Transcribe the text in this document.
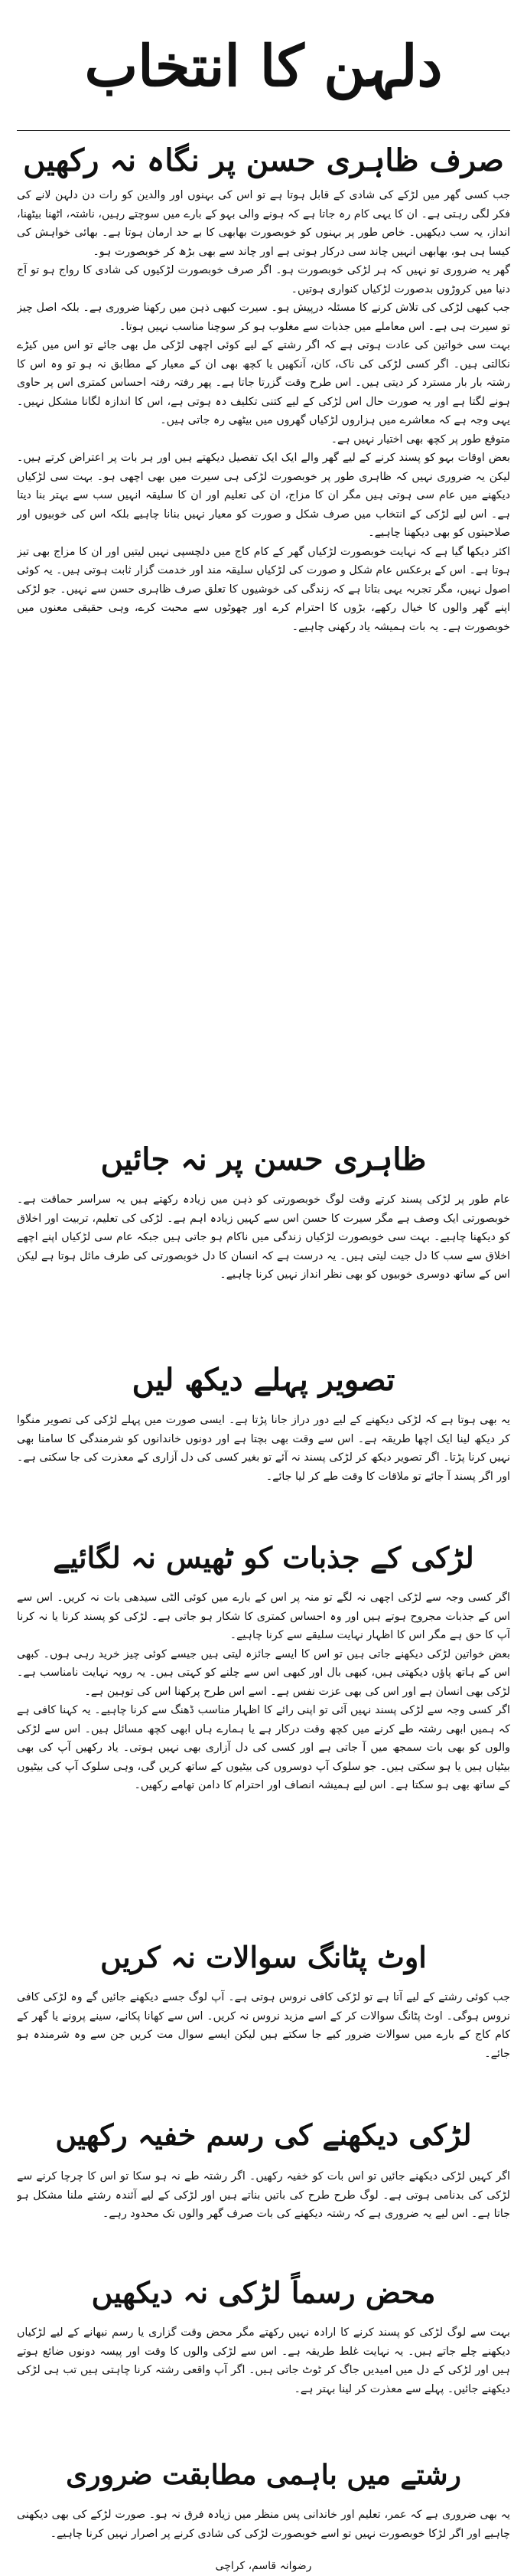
دلہن کا انتخاب
صرف ظاہری حسن پر نگاہ نہ رکھیں

جب کسی گھر میں لڑکے کی شادی کے قابل ہوتا ہے تو اس کی بہنوں اور والدین کو رات دن دلہن لانے کی فکر لگی رہتی ہے۔ ان کا یہی کام رہ جاتا ہے کہ ہونے والی بہو کے بارے میں سوچتے رہیں، ناشتہ، اٹھنا بیٹھنا، انداز، یہ سب دیکھیں۔ خاص طور پر بہنوں کو خوبصورت بھابھی کا بے حد ارمان ہوتا ہے۔ بھائی خواہش کی کیسا ہی ہو، بھابھی انہیں چاند سی درکار ہوتی ہے اور چاند سے بھی بڑھ کر خوبصورت ہو۔

گھر یہ ضروری تو نہیں کہ ہر لڑکی خوبصورت ہو۔ اگر صرف خوبصورت لڑکیوں کی شادی کا رواج ہو تو آج دنیا میں کروڑوں بدصورت لڑکیاں کنواری ہوتیں۔

جب کبھی لڑکی کی تلاش کرنے کا مسئلہ درپیش ہو۔ سیرت کبھی ذہن میں رکھنا ضروری ہے۔ بلکہ اصل چیز تو سیرت ہی ہے۔ اس معاملے میں جذبات سے مغلوب ہو کر سوچنا مناسب نہیں ہوتا۔

بہت سی خواتین کی عادت ہوتی ہے کہ اگر رشتے کے لیے کوئی اچھی لڑکی مل بھی جائے تو اس میں کیڑے نکالتی ہیں۔ اگر کسی لڑکی کی ناک، کان، آنکھیں یا کچھ بھی ان کے معیار کے مطابق نہ ہو تو وہ اس کا رشتہ بار بار مسترد کر دیتی ہیں۔ اس طرح وقت گزرتا جاتا ہے۔ پھر رفتہ رفتہ احساس کمتری اس پر حاوی ہونے لگتا ہے اور یہ صورت حال اس لڑکی کے لیے کتنی تکلیف دہ ہوتی ہے، اس کا اندازہ لگانا مشکل نہیں۔ یہی وجہ ہے کہ معاشرے میں ہزاروں لڑکیاں گھروں میں بیٹھی رہ جاتی ہیں۔

متوقع طور پر کچھ بھی اختیار نہیں ہے۔

بعض اوقات بہو کو پسند کرنے کے لیے گھر والے ایک ایک تفصیل دیکھتے ہیں اور ہر بات پر اعتراض کرتے ہیں۔ لیکن یہ ضروری نہیں کہ ظاہری طور پر خوبصورت لڑکی ہی سیرت میں بھی اچھی ہو۔ بہت سی لڑکیاں دیکھنے میں عام سی ہوتی ہیں مگر ان کا مزاج، ان کی تعلیم اور ان کا سلیقہ انہیں سب سے بہتر بنا دیتا ہے۔ اس لیے لڑکی کے انتخاب میں صرف شکل و صورت کو معیار نہیں بنانا چاہیے بلکہ اس کی خوبیوں اور صلاحیتوں کو بھی دیکھنا چاہیے۔

اکثر دیکھا گیا ہے کہ نہایت خوبصورت لڑکیاں گھر کے کام کاج میں دلچسپی نہیں لیتیں اور ان کا مزاج بھی تیز ہوتا ہے۔ اس کے برعکس عام شکل و صورت کی لڑکیاں سلیقہ مند اور خدمت گزار ثابت ہوتی ہیں۔ یہ کوئی اصول نہیں، مگر تجربہ یہی بتاتا ہے کہ زندگی کی خوشیوں کا تعلق صرف ظاہری حسن سے نہیں۔ جو لڑکی اپنے گھر والوں کا خیال رکھے، بڑوں کا احترام کرے اور چھوٹوں سے محبت کرے، وہی حقیقی معنوں میں خوبصورت ہے۔ یہ بات ہمیشہ یاد رکھنی چاہیے۔

ظاہری حسن پر نہ جائیں

عام طور پر لڑکی پسند کرتے وقت لوگ خوبصورتی کو ذہن میں زیادہ رکھتے ہیں یہ سراسر حماقت ہے۔ خوبصورتی ایک وصف ہے مگر سیرت کا حسن اس سے کہیں زیادہ اہم ہے۔ لڑکی کی تعلیم، تربیت اور اخلاق کو دیکھنا چاہیے۔ بہت سی خوبصورت لڑکیاں زندگی میں ناکام ہو جاتی ہیں جبکہ عام سی لڑکیاں اپنے اچھے اخلاق سے سب کا دل جیت لیتی ہیں۔ یہ درست ہے کہ انسان کا دل خوبصورتی کی طرف مائل ہوتا ہے لیکن اس کے ساتھ دوسری خوبیوں کو بھی نظر انداز نہیں کرنا چاہیے۔

تصویر پہلے دیکھ لیں

یہ بھی ہوتا ہے کہ لڑکی دیکھنے کے لیے دور دراز جانا پڑتا ہے۔ ایسی صورت میں پہلے لڑکی کی تصویر منگوا کر دیکھ لینا ایک اچھا طریقہ ہے۔ اس سے وقت بھی بچتا ہے اور دونوں خاندانوں کو شرمندگی کا سامنا بھی نہیں کرنا پڑتا۔ اگر تصویر دیکھ کر لڑکی پسند نہ آئے تو بغیر کسی کی دل آزاری کے معذرت کی جا سکتی ہے۔ اور اگر پسند آ جائے تو ملاقات کا وقت طے کر لیا جائے۔

لڑکی کے جذبات کو ٹھیس نہ لگائیے

اگر کسی وجہ سے لڑکی اچھی نہ لگے تو منہ پر اس کے بارے میں کوئی الٹی سیدھی بات نہ کریں۔ اس سے اس کے جذبات مجروح ہوتے ہیں اور وہ احساس کمتری کا شکار ہو جاتی ہے۔ لڑکی کو پسند کرنا یا نہ کرنا آپ کا حق ہے مگر اس کا اظہار نہایت سلیقے سے کرنا چاہیے۔

بعض خواتین لڑکی دیکھنے جاتی ہیں تو اس کا ایسے جائزہ لیتی ہیں جیسے کوئی چیز خرید رہی ہوں۔ کبھی اس کے ہاتھ پاؤں دیکھتی ہیں، کبھی بال اور کبھی اس سے چلنے کو کہتی ہیں۔ یہ رویہ نہایت نامناسب ہے۔ لڑکی بھی انسان ہے اور اس کی بھی عزت نفس ہے۔ اسے اس طرح پرکھنا اس کی توہین ہے۔

اگر کسی وجہ سے لڑکی پسند نہیں آئی تو اپنی رائے کا اظہار مناسب ڈھنگ سے کرنا چاہیے۔ یہ کہنا کافی ہے کہ ہمیں ابھی رشتہ طے کرنے میں کچھ وقت درکار ہے یا ہمارے ہاں ابھی کچھ مسائل ہیں۔ اس سے لڑکی والوں کو بھی بات سمجھ میں آ جاتی ہے اور کسی کی دل آزاری بھی نہیں ہوتی۔ یاد رکھیں آپ کی بھی بیٹیاں ہیں یا ہو سکتی ہیں۔ جو سلوک آپ دوسروں کی بیٹیوں کے ساتھ کریں گی، وہی سلوک آپ کی بیٹیوں کے ساتھ بھی ہو سکتا ہے۔ اس لیے ہمیشہ انصاف اور احترام کا دامن تھامے رکھیں۔

اوٹ پٹانگ سوالات نہ کریں

جب کوئی رشتے کے لیے آتا ہے تو لڑکی کافی نروس ہوتی ہے۔ آپ لوگ جسے دیکھنے جائیں گے وہ لڑکی کافی نروس ہوگی۔ اوٹ پٹانگ سوالات کر کے اسے مزید نروس نہ کریں۔ اس سے کھانا پکانے، سینے پرونے یا گھر کے کام کاج کے بارے میں سوالات ضرور کیے جا سکتے ہیں لیکن ایسے سوال مت کریں جن سے وہ شرمندہ ہو جائے۔

لڑکی دیکھنے کی رسم خفیہ رکھیں

اگر کہیں لڑکی دیکھنے جائیں تو اس بات کو خفیہ رکھیں۔ اگر رشتہ طے نہ ہو سکا تو اس کا چرچا کرنے سے لڑکی کی بدنامی ہوتی ہے۔ لوگ طرح طرح کی باتیں بناتے ہیں اور لڑکی کے لیے آئندہ رشتے ملنا مشکل ہو جاتا ہے۔ اس لیے یہ ضروری ہے کہ رشتہ دیکھنے کی بات صرف گھر والوں تک محدود رہے۔

محض رسماً لڑکی نہ دیکھیں

بہت سے لوگ لڑکی کو پسند کرنے کا ارادہ نہیں رکھتے مگر محض وقت گزاری یا رسم نبھانے کے لیے لڑکیاں دیکھنے چلے جاتے ہیں۔ یہ نہایت غلط طریقہ ہے۔ اس سے لڑکی والوں کا وقت اور پیسہ دونوں ضائع ہوتے ہیں اور لڑکی کے دل میں امیدیں جاگ کر ٹوٹ جاتی ہیں۔ اگر آپ واقعی رشتہ کرنا چاہتی ہیں تب ہی لڑکی دیکھنے جائیں۔ پہلے سے معذرت کر لینا بہتر ہے۔

رشتے میں باہمی مطابقت ضروری

یہ بھی ضروری ہے کہ عمر، تعلیم اور خاندانی پس منظر میں زیادہ فرق نہ ہو۔ صورت لڑکے کی بھی دیکھنی چاہیے اور اگر لڑکا خوبصورت نہیں تو اسے خوبصورت لڑکی کی شادی کرنے پر اصرار نہیں کرنا چاہیے۔

رضوانہ قاسم، کراچی
